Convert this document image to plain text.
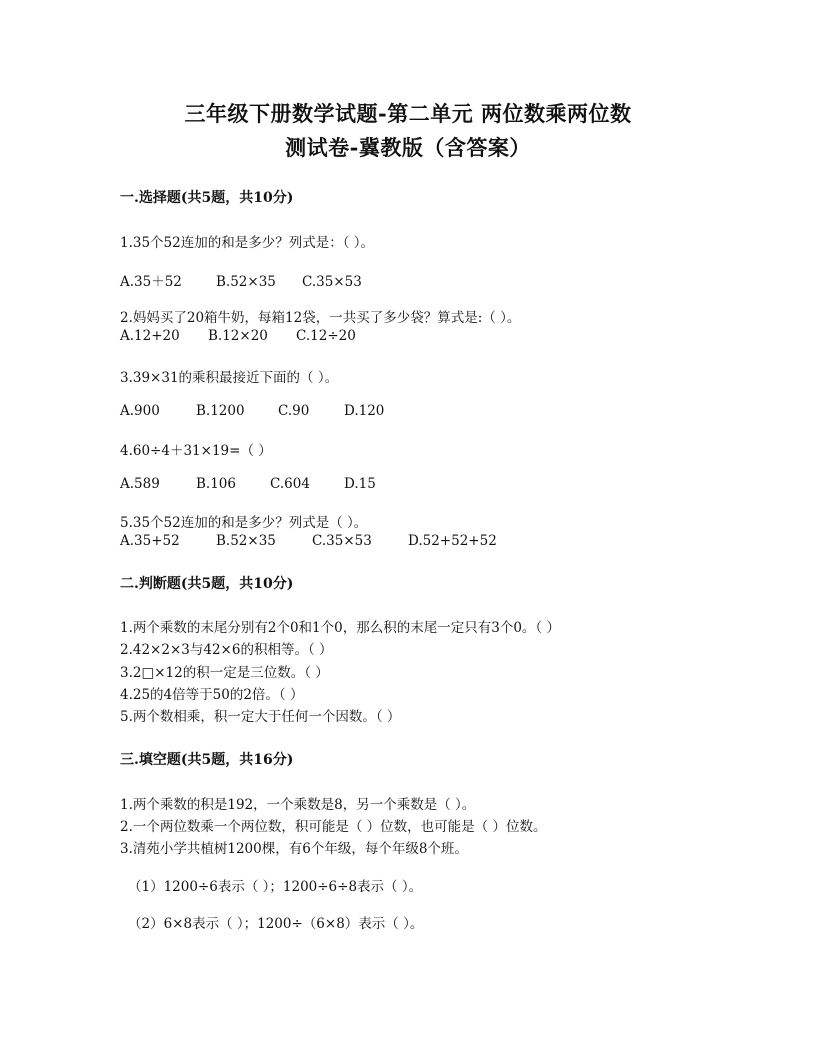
三年级下册数学试题-第二单元 两位数乘两位数
测试卷-冀教版（含答案）
一.选择题(共5题，共10分)
1.35个52连加的和是多少？列式是：（ ）。
A.35＋52	B.52×35 C.35×53
2.妈妈买了20箱牛奶，每箱12袋，一共买了多少袋？算式是:（ ）。
A.12+20 B.12×20 C.12÷20
3.39×31的乘积最接近下面的（ ）。
A.900	B.1200 C.90	D.120
4.60÷4＋31×19=（ ）
A.589	B.106	C.604	D.15
5.35个52连加的和是多少？列式是（ ）。
A.35+52	B.52×35	C.35×53	D.52+52+52
二.判断题(共5题，共10分)
1.两个乘数的末尾分别有2个0和1个0，那么积的末尾一定只有3个0。（ ）
2.42×2×3与42×6的积相等。（ ）
3.2□×12的积一定是三位数。（ ）
4.25的4倍等于50的2倍。（ ）
5.两个数相乘，积一定大于任何一个因数。（ ）
三.填空题(共5题，共16分)
1.两个乘数的积是192，一个乘数是8，另一个乘数是（ ）。
2.一个两位数乘一个两位数，积可能是（ ）位数，也可能是（ ）位数。
3.清苑小学共植树1200棵，有6个年级，每个年级8个班。
（1）1200÷6表示（ ）；1200÷6÷8表示（ ）。
（2）6×8表示（ ）；1200÷（6×8）表示（ ）。
